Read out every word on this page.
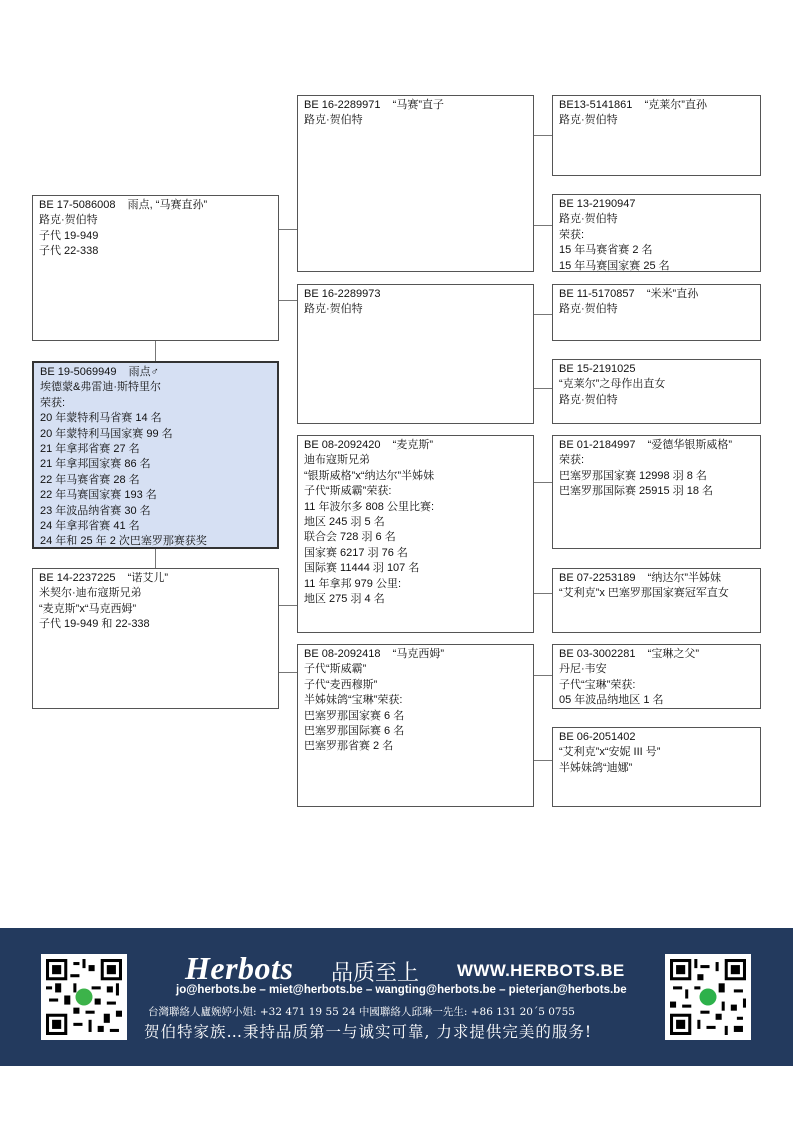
BE 17-5086008    雨点, “马赛直孙”
路克·贺伯特
子代 19-949
子代 22-338
BE 19-5069949    雨点♂
埃德蒙&弗雷迪·斯特里尔
荣获:
20 年蒙特利马省赛 14 名
20 年蒙特利马国家赛 99 名
21 年拿邦省赛 27 名
21 年拿邦国家赛 86 名
22 年马赛省赛 28 名
22 年马赛国家赛 193 名
23 年波品纳省赛 30 名
24 年拿邦省赛 41 名
24 年和 25 年 2 次巴塞罗那赛获奖
BE 14-2237225    “诺艾儿”
米契尔·迪布寇斯兄弟
“麦克斯”x“马克西姆”
子代 19-949 和 22-338
BE 16-2289971    “马赛”直子
路克·贺伯特
BE 16-2289973
路克·贺伯特
BE 08-2092420    “麦克斯”
迪布寇斯兄弟
“银斯威格”x“纳达尔”半姊妹
子代“斯威霸”荣获:
11 年波尔多 808 公里比赛:
地区 245 羽 5 名
联合会 728 羽 6 名
国家赛 6217 羽 76 名
国际赛 11444 羽 107 名
11 年拿邦 979 公里:
地区 275 羽 4 名
BE 08-2092418    “马克西姆”
子代“斯威霸”
子代“麦西穆斯”
半姊妹鸽“宝琳”荣获:
巴塞罗那国家赛 6 名
巴塞罗那国际赛 6 名
巴塞罗那省赛 2 名
BE13-5141861    “克莱尔”直孙
路克·贺伯特
BE 13-2190947
路克·贺伯特
荣获:
15 年马赛省赛 2 名
15 年马赛国家赛 25 名
BE 11-5170857    “米米”直孙
路克·贺伯特
BE 15-2191025
“克莱尔”之母作出直女
路克·贺伯特
BE 01-2184997    “爱德华银斯威格”
荣获:
巴塞罗那国家赛 12998 羽 8 名
巴塞罗那国际赛 25915 羽 18 名
BE 07-2253189    “纳达尔”半姊妹
“艾利克”x 巴塞罗那国家赛冠军直女
BE 03-3002281    “宝琳之父”
丹尼·韦安
子代“宝琳”荣获:
05 年波品纳地区 1 名
BE 06-2051402
“艾利克”x“安妮 III 号”
半姊妹鸽“迪娜”
Herbots 品质至上 WWW.HERBOTS.BE
jo@herbots.be – miet@herbots.be – wangting@herbots.be – pieterjan@herbots.be
台灣聯絡人廬婉婷小姐: +32 471 19 55 24 中國聯絡人邱琳一先生: +86 131 20´5 0755
贺伯特家族…秉持品质第一与诚实可靠, 力求提供完美的服务!
